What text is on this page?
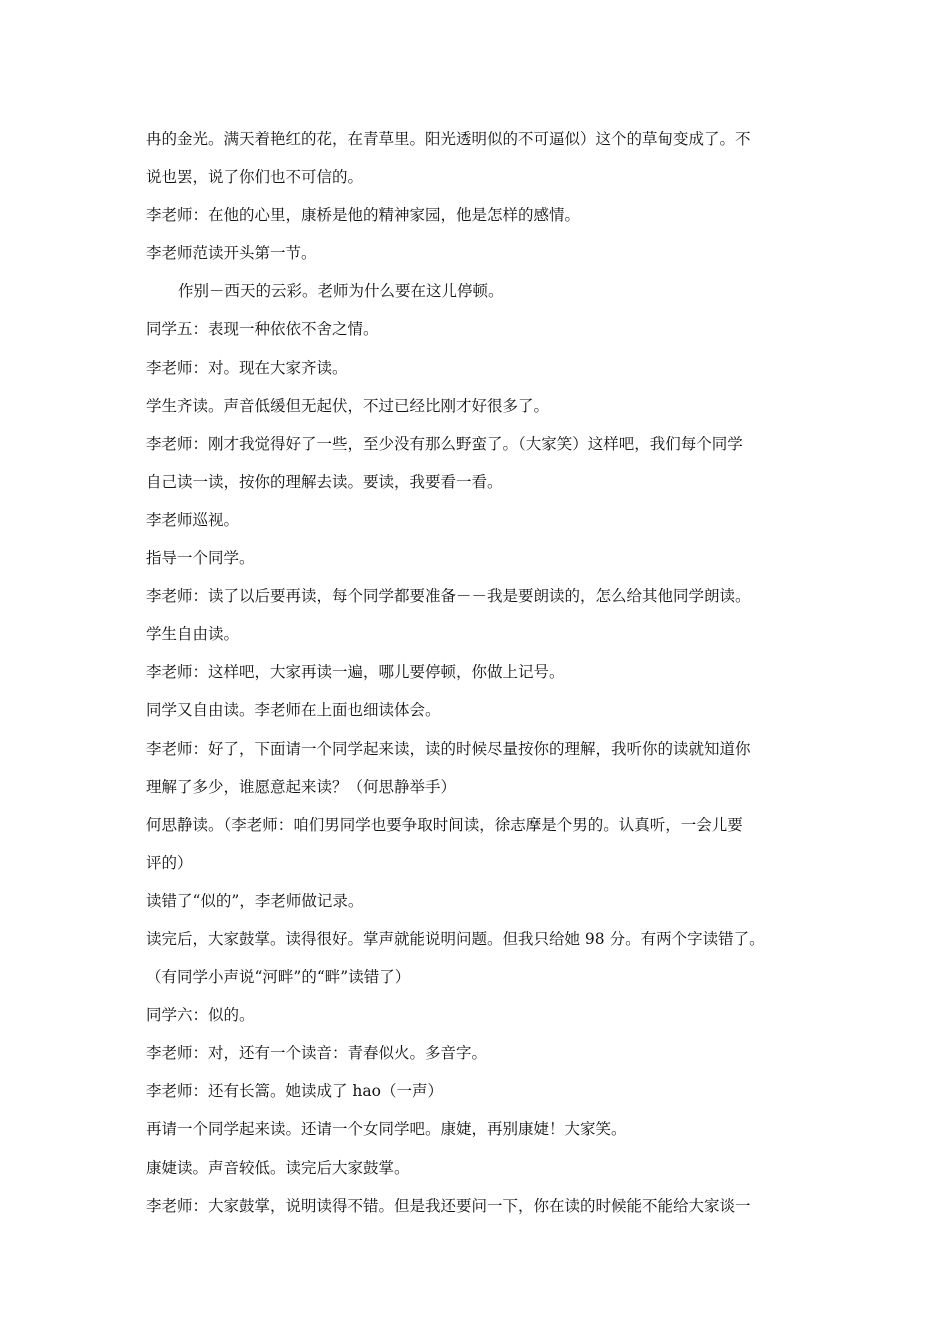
冉的金光。满天着艳红的花，在青草里。阳光透明似的不可逼似）这个的草甸变成了。不

说也罢，说了你们也不可信的。

李老师：在他的心里，康桥是他的精神家园，他是怎样的感情。

李老师范读开头第一节。

作别－西天的云彩。老师为什么要在这儿停顿。

同学五：表现一种依依不舍之情。

李老师：对。现在大家齐读。

学生齐读。声音低缓但无起伏，不过已经比刚才好很多了。

李老师：刚才我觉得好了一些，至少没有那么野蛮了。（大家笑）这样吧，我们每个同学

自己读一读，按你的理解去读。要读，我要看一看。

李老师巡视。

指导一个同学。

李老师：读了以后要再读，每个同学都要准备－－我是要朗读的，怎么给其他同学朗读。

学生自由读。

李老师：这样吧，大家再读一遍，哪儿要停顿，你做上记号。

同学又自由读。李老师在上面也细读体会。

李老师：好了，下面请一个同学起来读，读的时候尽量按你的理解，我听你的读就知道你

理解了多少，谁愿意起来读？（何思静举手）

何思静读。（李老师：咱们男同学也要争取时间读，徐志摩是个男的。认真听，一会儿要

评的）

读错了“似的”，李老师做记录。

读完后，大家鼓掌。读得很好。掌声就能说明问题。但我只给她 98 分。有两个字读错了。

（有同学小声说“河畔”的“畔”读错了）

同学六：似的。

李老师：对，还有一个读音：青春似火。多音字。

李老师：还有长篙。她读成了 hao（一声）

再请一个同学起来读。还请一个女同学吧。康婕，再别康婕！大家笑。

康婕读。声音较低。读完后大家鼓掌。

李老师：大家鼓掌，说明读得不错。但是我还要问一下，你在读的时候能不能给大家谈一
